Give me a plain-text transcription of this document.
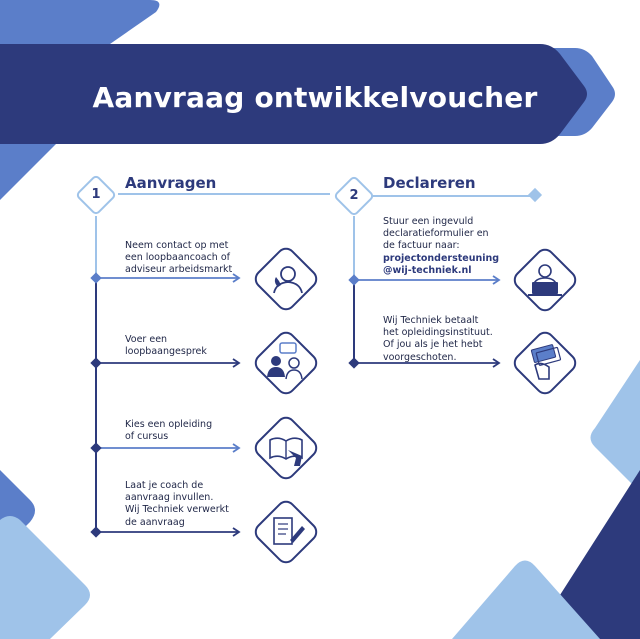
Aanvraag ontwikkelvoucher
1
Aanvragen
2
Declareren
Neem contact op met
een loopbaancoach of
adviseur arbeidsmarkt
Voer een
loopbaangesprek
Kies een opleiding
of cursus
Laat je coach de
aanvraag invullen.
Wij Techniek verwerkt
de aanvraag
Stuur een ingevuld
declaratieformulier en
de factuur naar:
projectondersteuning
@wij-techniek.nl
Wij Techniek betaalt
het opleidingsinstituut.
Of jou als je het hebt
voorgeschoten.
